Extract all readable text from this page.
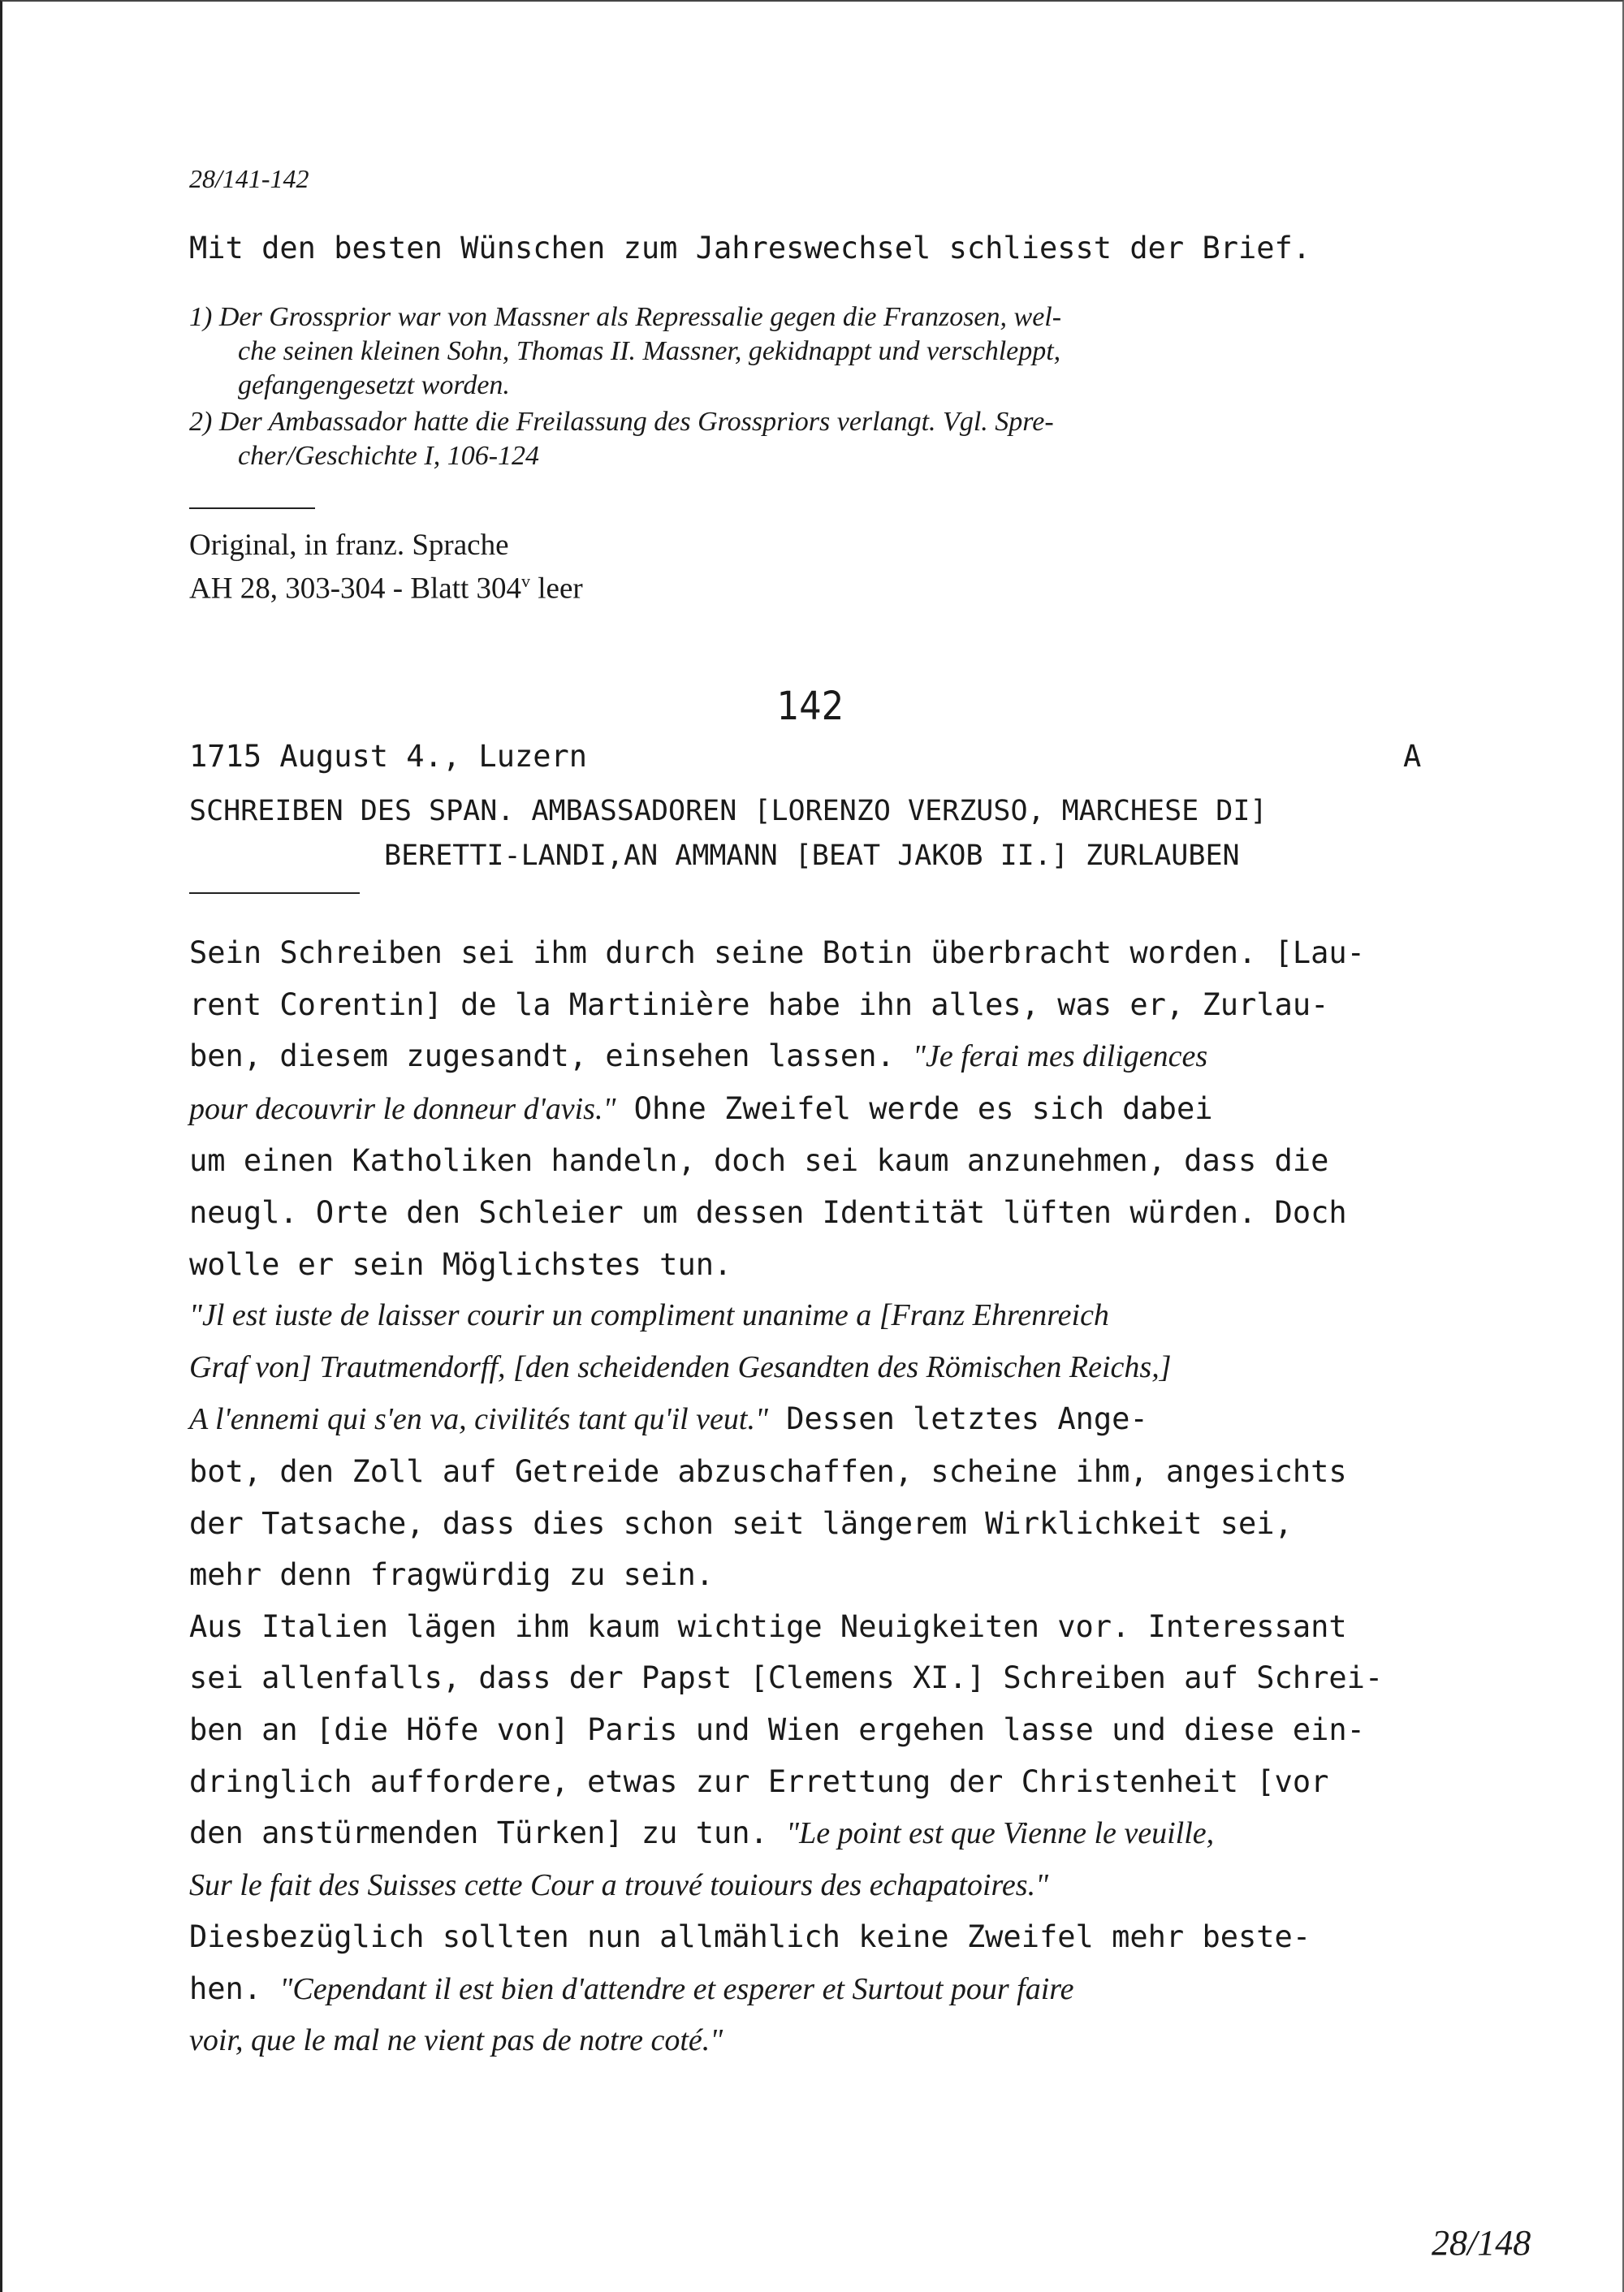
28/141-142
Mit den besten Wünschen zum Jahreswechsel schliesst der Brief.
1) Der Grossprior war von Massner als Repressalie gegen die Franzosen, wel-
che seinen kleinen Sohn, Thomas II. Massner, gekidnappt und verschleppt,
gefangengesetzt worden.
2) Der Ambassador hatte die Freilassung des Grosspriors verlangt. Vgl. Spre-
cher/Geschichte I, 106-124
Original, in franz. Sprache
AH 28, 303-304 - Blatt 304$^v$ leer
142
1715 August 4., Luzern	A
SCHREIBEN DES SPAN. AMBASSADOREN [LORENZO VERZUSO, MARCHESE DI]
BERETTI-LANDI,AN AMMANN [BEAT JAKOB II.] ZURLAUBEN
Sein Schreiben sei ihm durch seine Botin überbracht worden. [Lau-
rent Corentin] de la Martinière habe ihn alles, was er, Zurlau-
ben, diesem zugesandt, einsehen lassen. "Je ferai mes diligences
pour decouvrir le donneur d'avis." Ohne Zweifel werde es sich dabei
um einen Katholiken handeln, doch sei kaum anzunehmen, dass die
neugl. Orte den Schleier um dessen Identität lüften würden. Doch
wolle er sein Möglichstes tun.
"Jl est iuste de laisser courir un compliment unanime a [Franz Ehrenreich
Graf von] Trautmendorff, [den scheidenden Gesandten des Römischen Reichs,]
A l'ennemi qui s'en va, civilités tant qu'il veut." Dessen letztes Ange-
bot, den Zoll auf Getreide abzuschaffen, scheine ihm, angesichts
der Tatsache, dass dies schon seit längerem Wirklichkeit sei,
mehr denn fragwürdig zu sein.
Aus Italien lägen ihm kaum wichtige Neuigkeiten vor. Interessant
sei allenfalls, dass der Papst [Clemens XI.] Schreiben auf Schrei-
ben an [die Höfe von] Paris und Wien ergehen lasse und diese ein-
dringlich auffordere, etwas zur Errettung der Christenheit [vor
den anstürmenden Türken] zu tun. "Le point est que Vienne le veuille,
Sur le fait des Suisses cette Cour a trouvé touiours des echapatoires."
Diesbezüglich sollten nun allmählich keine Zweifel mehr beste-
hen. "Cependant il est bien d'attendre et esperer et Surtout pour faire
voir, que le mal ne vient pas de notre coté."
28/148
